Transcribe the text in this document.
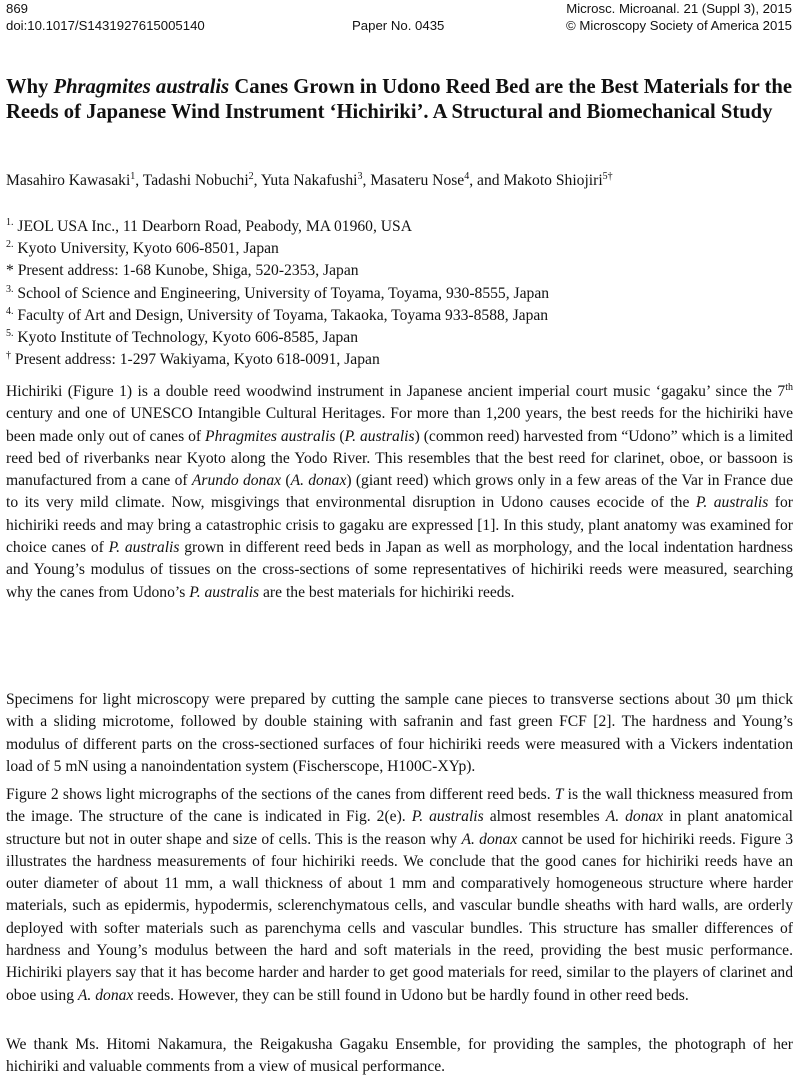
869
doi:10.1017/S1431927615005140	Paper No. 0435
Microsc. Microanal. 21 (Suppl 3), 2015
© Microscopy Society of America 2015
Why Phragmites australis Canes Grown in Udono Reed Bed are the Best Materials for the Reeds of Japanese Wind Instrument ‘Hichiriki’. A Structural and Biomechanical Study
Masahiro Kawasaki$^1$, Tadashi Nobuchi$^2$, Yuta Nakafushi$^3$, Masateru Nose$^4$, and Makoto Shiojiri$^{5\dagger}$
$^{1.}$ JEOL USA Inc., 11 Dearborn Road, Peabody, MA 01960, USA
$^{2.}$ Kyoto University, Kyoto 606-8501, Japan
* Present address: 1-68 Kunobe, Shiga, 520-2353, Japan
$^{3.}$ School of Science and Engineering, University of Toyama, Toyama, 930-8555, Japan
$^{4.}$ Faculty of Art and Design, University of Toyama, Takaoka, Toyama 933-8588, Japan
$^{5.}$ Kyoto Institute of Technology, Kyoto 606-8585, Japan
† Present address: 1-297 Wakiyama, Kyoto 618-0091, Japan

Hichiriki (Figure 1) is a double reed woodwind instrument in Japanese ancient imperial court music ‘gagaku’ since the 7th century and one of UNESCO Intangible Cultural Heritages. For more than 1,200 years, the best reeds for the hichiriki have been made only out of canes of Phragmites australis (P. australis) (common reed) harvested from “Udono” which is a limited reed bed of riverbanks near Kyoto along the Yodo River. This resembles that the best reed for clarinet, oboe, or bassoon is manufactured from a cane of Arundo donax (A. donax) (giant reed) which grows only in a few areas of the Var in France due to its very mild climate. Now, misgivings that environmental disruption in Udono causes ecocide of the P. australis for hichiriki reeds and may bring a catastrophic crisis to gagaku are expressed [1]. In this study, plant anatomy was examined for choice canes of P. australis grown in different reed beds in Japan as well as morphology, and the local indentation hardness and Young’s modulus of tissues on the cross-sections of some representatives of hichiriki reeds were measured, searching why the canes from Udono’s P. australis are the best materials for hichiriki reeds.

Specimens for light microscopy were prepared by cutting the sample cane pieces to transverse sections about 30 μm thick with a sliding microtome, followed by double staining with safranin and fast green FCF [2]. The hardness and Young’s modulus of different parts on the cross-sectioned surfaces of four hichiriki reeds were measured with a Vickers indentation load of 5 mN using a nanoindentation system (Fischerscope, H100C-XYp).

Figure 2 shows light micrographs of the sections of the canes from different reed beds. T is the wall thickness measured from the image. The structure of the cane is indicated in Fig. 2(e). P. australis almost resembles A. donax in plant anatomical structure but not in outer shape and size of cells. This is the reason why A. donax cannot be used for hichiriki reeds. Figure 3 illustrates the hardness measurements of four hichiriki reeds. We conclude that the good canes for hichiriki reeds have an outer diameter of about 11 mm, a wall thickness of about 1 mm and comparatively homogeneous structure where harder materials, such as epidermis, hypodermis, sclerenchymatous cells, and vascular bundle sheaths with hard walls, are orderly deployed with softer materials such as parenchyma cells and vascular bundles. This structure has smaller differences of hardness and Young’s modulus between the hard and soft materials in the reed, providing the best music performance. Hichiriki players say that it has become harder and harder to get good materials for reed, similar to the players of clarinet and oboe using A. donax reeds. However, they can be still found in Udono but be hardly found in other reed beds.

We thank Ms. Hitomi Nakamura, the Reigakusha Gagaku Ensemble, for providing the samples, the photograph of her hichiriki and valuable comments from a view of musical performance.
